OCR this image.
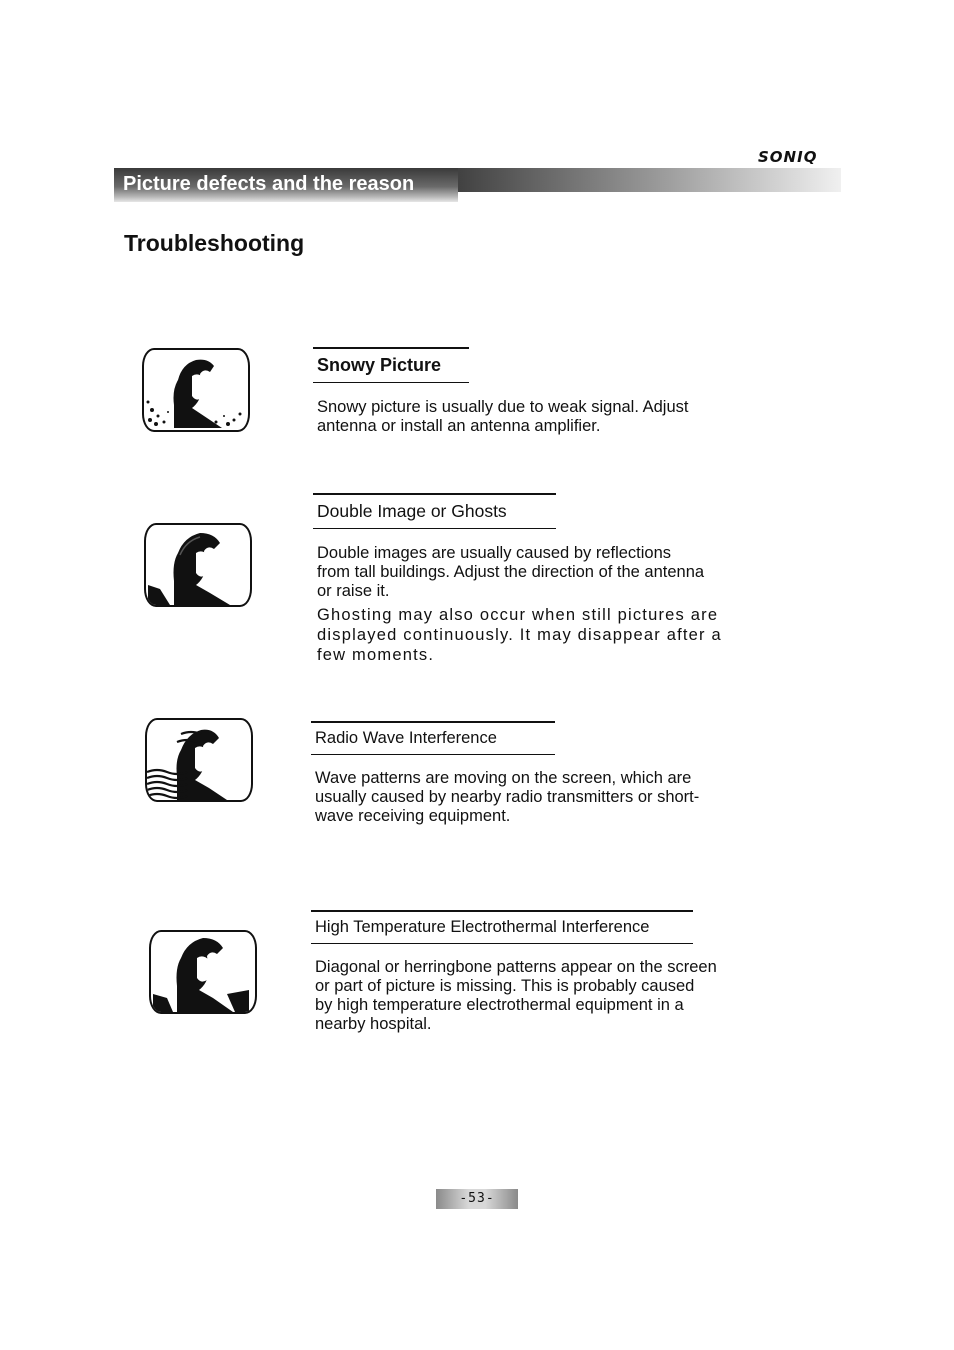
SONIQ
Picture defects and the reason
Troubleshooting
Snowy Picture
Snowy picture is usually due to weak signal. Adjust
antenna or install an antenna amplifier.
Double Image or Ghosts
Double images are usually caused by reflections
from tall buildings. Adjust the direction of the antenna
or raise it.
Ghosting may also occur when still pictures are
displayed continuously. It may disappear after a
few moments.
Radio Wave Interference
Wave patterns are moving on the screen, which are
usually caused by nearby radio transmitters or short-
wave receiving equipment.
High Temperature Electrothermal Interference
Diagonal or herringbone patterns appear on the screen
or part of picture is missing. This is probably caused
by high temperature electrothermal equipment in a
nearby hospital.
-53-
